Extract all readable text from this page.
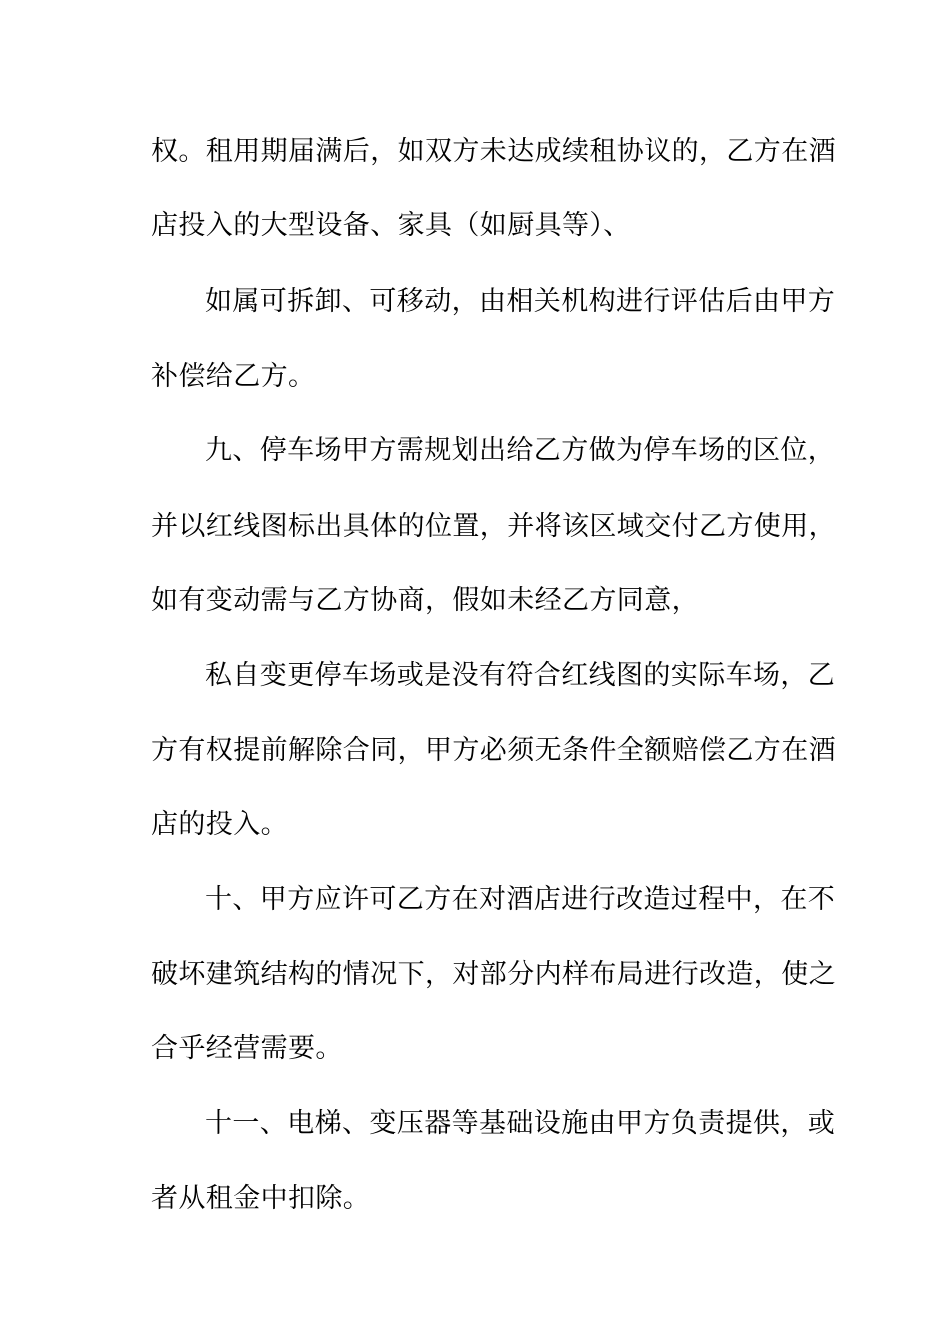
权。租用期届满后，如双方未达成续租协议的，乙方在酒
店投入的大型设备、家具（如厨具等）、
如属可拆卸、可移动，由相关机构进行评估后由甲方
补偿给乙方。
九、停车场甲方需规划出给乙方做为停车场的区位，
并以红线图标出具体的位置，并将该区域交付乙方使用，
如有变动需与乙方协商，假如未经乙方同意，
私自变更停车场或是没有符合红线图的实际车场，乙
方有权提前解除合同，甲方必须无条件全额赔偿乙方在酒
店的投入。
十、甲方应许可乙方在对酒店进行改造过程中，在不
破坏建筑结构的情况下，对部分内样布局进行改造，使之
合乎经营需要。
十一、电梯、变压器等基础设施由甲方负责提供，或
者从租金中扣除。
